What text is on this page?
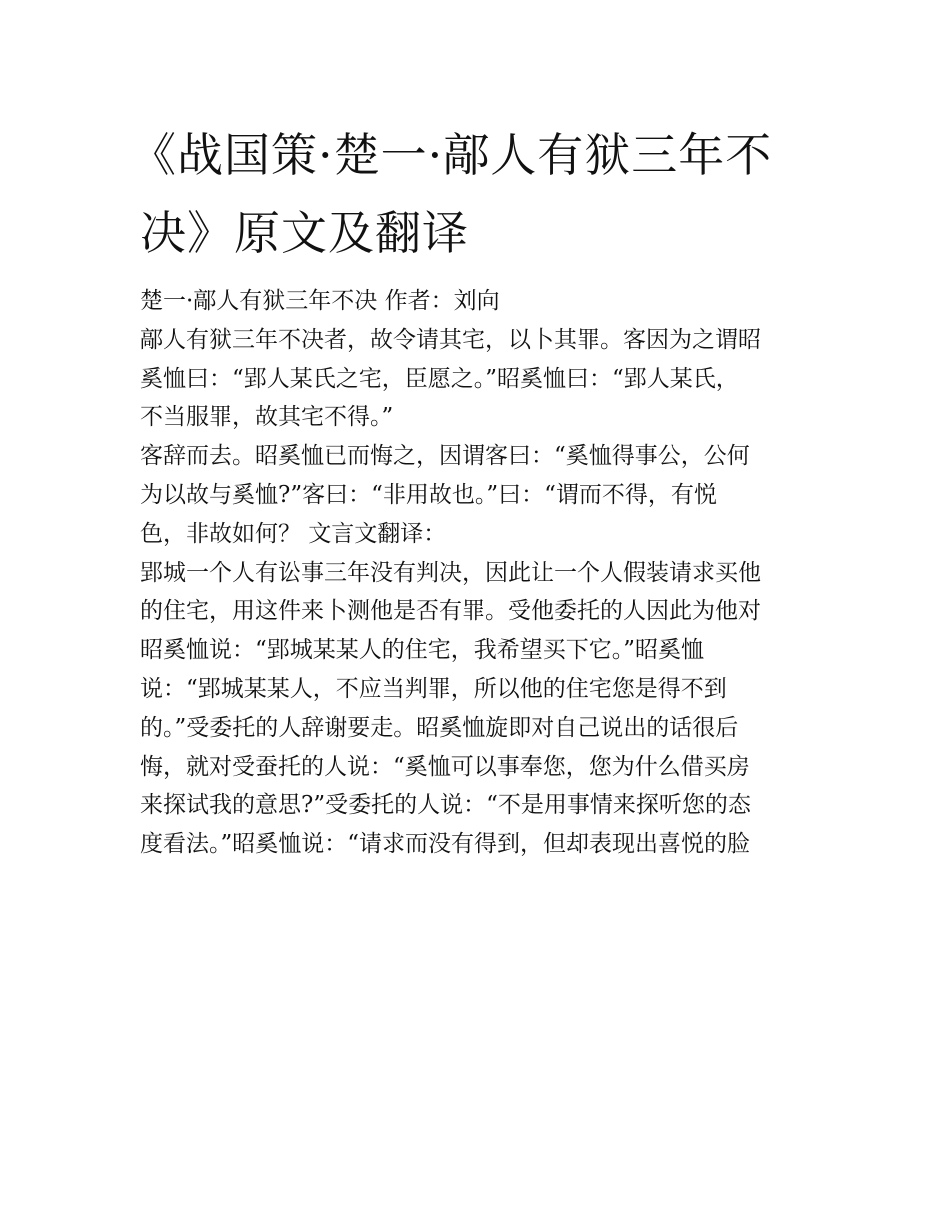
《战国策·楚一·鄗人有狱三年不
决》原文及翻译
楚一·鄗人有狱三年不决 作者：刘向
鄗人有狱三年不决者，故令请其宅，以卜其罪。客因为之谓昭
奚恤曰：“郢人某氏之宅，臣愿之。”昭奚恤曰：“郢人某氏，
不当服罪，故其宅不得。”
客辞而去。昭奚恤已而悔之，因谓客曰：“奚恤得事公，公何
为以故与奚恤?”客曰：“非用故也。”曰：“谓而不得，有悦
色，非故如何？ 文言文翻译：
郢城一个人有讼事三年没有判决，因此让一个人假装请求买他
的住宅，用这件来卜测他是否有罪。受他委托的人因此为他对
昭奚恤说：“郢城某某人的住宅，我希望买下它。”昭奚恤
说：“郢城某某人，不应当判罪，所以他的住宅您是得不到
的。”受委托的人辞谢要走。昭奚恤旋即对自己说出的话很后
悔，就对受蚕托的人说：“奚恤可以事奉您，您为什么借买房
来探试我的意思?”受委托的人说：“不是用事情来探听您的态
度看法。”昭奚恤说：“请求而没有得到，但却表现出喜悦的脸
